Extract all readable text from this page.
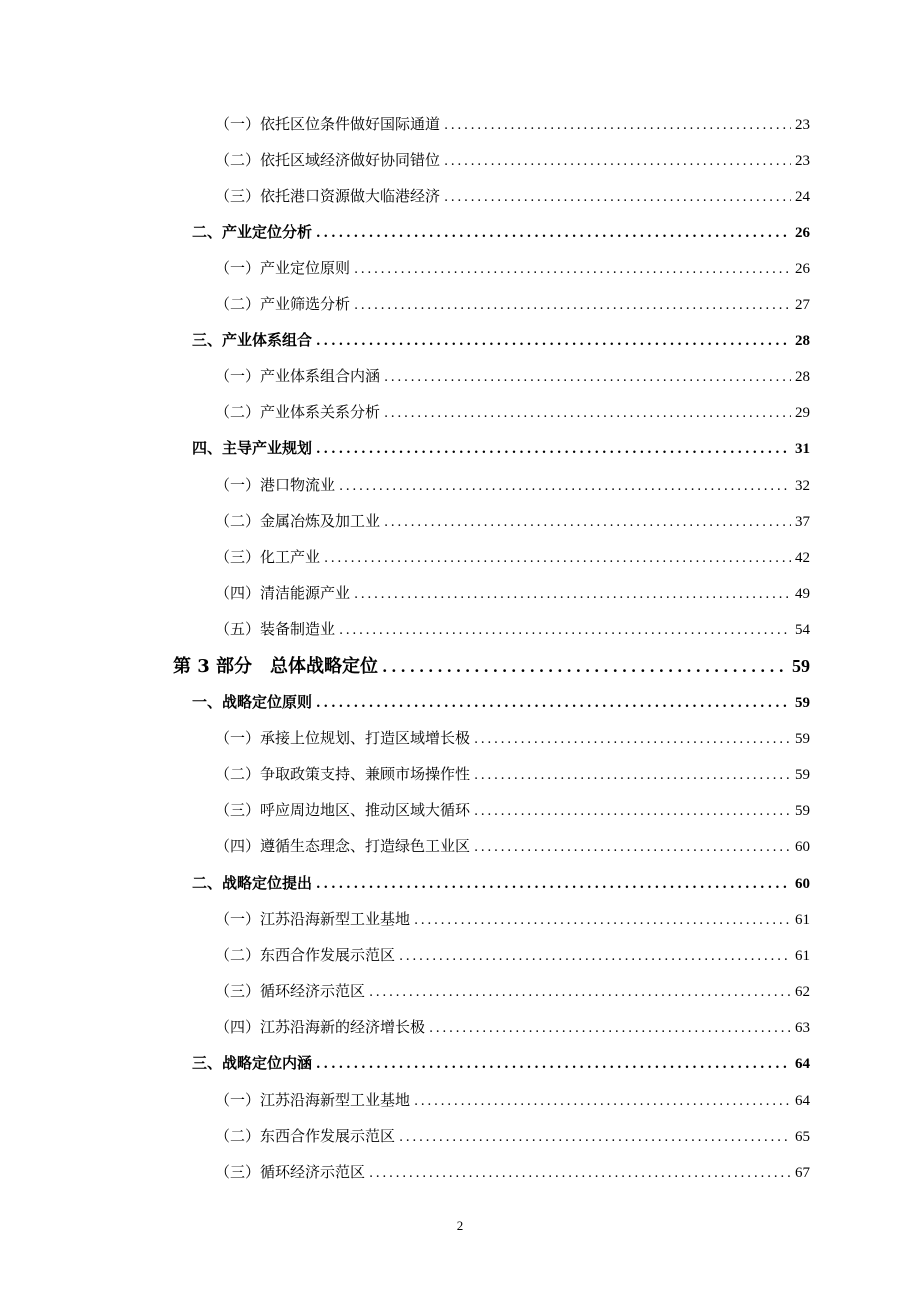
（一）依托区位条件做好国际通道 .....	23
（二）依托区域经济做好协同错位 .....	23
（三）依托港口资源做大临港经济 .....	24
二、产业定位分析 .....	26
（一）产业定位原则 .....	26
（二）产业筛选分析 .....	27
三、产业体系组合 .....	28
（一）产业体系组合内涵 .....	28
（二）产业体系关系分析 .....	29
四、主导产业规划 .....	31
（一）港口物流业 .....	32
（二）金属冶炼及加工业 .....	37
（三）化工产业 .....	42
（四）清洁能源产业 .....	49
（五）装备制造业 .....	54
第 3 部分　总体战略定位 .....	59
一、战略定位原则 .....	59
（一）承接上位规划、打造区域增长极 .....	59
（二）争取政策支持、兼顾市场操作性 .....	59
（三）呼应周边地区、推动区域大循环 .....	59
（四）遵循生态理念、打造绿色工业区 .....	60
二、战略定位提出 .....	60
（一）江苏沿海新型工业基地 .....	61
（二）东西合作发展示范区 .....	61
（三）循环经济示范区 .....	62
（四）江苏沿海新的经济增长极 .....	63
三、战略定位内涵 .....	64
（一）江苏沿海新型工业基地 .....	64
（二）东西合作发展示范区 .....	65
（三）循环经济示范区 .....	67
2
